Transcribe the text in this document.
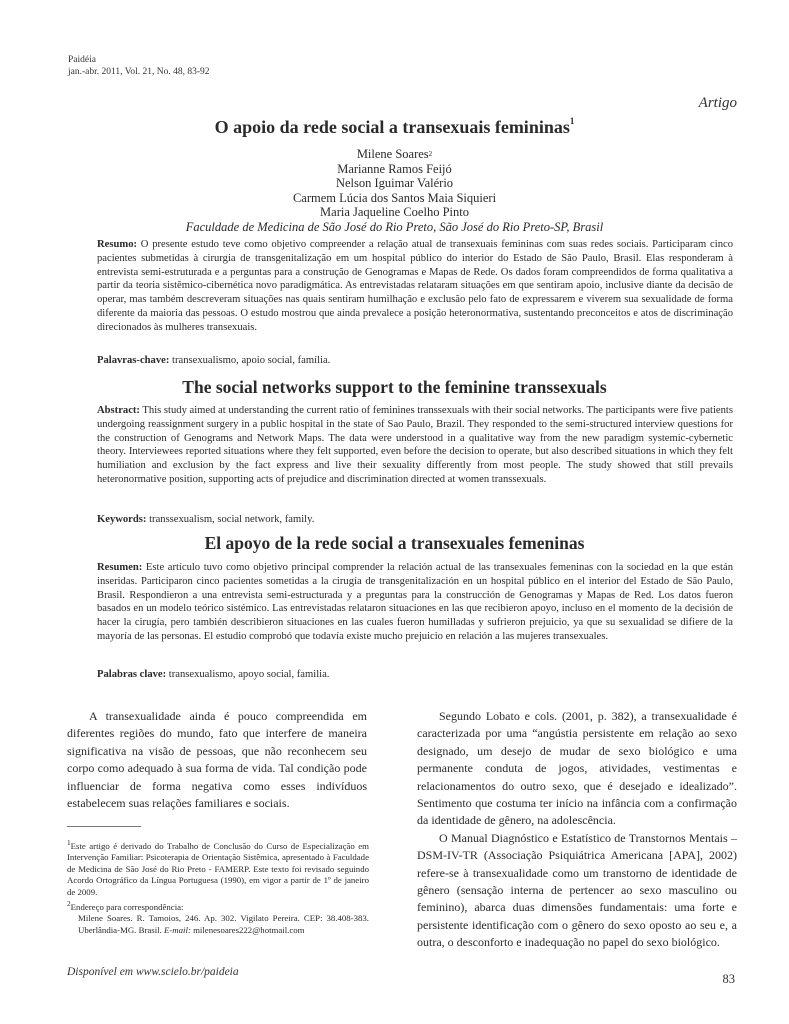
Paidéia
jan.-abr. 2011, Vol. 21, No. 48, 83-92
Artigo
O apoio da rede social a transexuais femininas$^1$
Milene Soares$^2$
Marianne Ramos Feijó
Nelson Iguimar Valério
Carmem Lúcia dos Santos Maia Siquieri
Maria Jaqueline Coelho Pinto
Faculdade de Medicina de São José do Rio Preto, São José do Rio Preto-SP, Brasil
Resumo: O presente estudo teve como objetivo compreender a relação atual de transexuais femininas com suas redes sociais. Participaram cinco pacientes submetidas à cirurgia de transgenitalização em um hospital público do interior do Estado de São Paulo, Brasil. Elas responderam à entrevista semi-estruturada e a perguntas para a construção de Genogramas e Mapas de Rede. Os dados foram compreendidos de forma qualitativa a partir da teoria sistêmico-cibernética novo paradigmática. As entrevistadas relataram situações em que sentiram apoio, inclusive diante da decisão de operar, mas também descreveram situações nas quais sentiram humilhação e exclusão pelo fato de expressarem e viverem sua sexualidade de forma diferente da maioria das pessoas. O estudo mostrou que ainda prevalece a posição heteronormativa, sustentando preconceitos e atos de discriminação direcionados às mulheres transexuais.
Palavras-chave: transexualismo, apoio social, família.
The social networks support to the feminine transsexuals
Abstract: This study aimed at understanding the current ratio of feminines transsexuals with their social networks. The participants were five patients undergoing reassignment surgery in a public hospital in the state of Sao Paulo, Brazil. They responded to the semi-structured interview questions for the construction of Genograms and Network Maps. The data were understood in a qualitative way from the new paradigm systemic-cybernetic theory. Interviewees reported situations where they felt supported, even before the decision to operate, but also described situations in which they felt humiliation and exclusion by the fact express and live their sexuality differently from most people. The study showed that still prevails heteronormative position, supporting acts of prejudice and discrimination directed at women transsexuals.
Keywords: transsexualism, social network, family.
El apoyo de la rede social a transexuales femeninas
Resumen: Este artículo tuvo como objetivo principal comprender la relación actual de las transexuales femeninas con la sociedad en la que están inseridas. Participaron cinco pacientes sometidas a la cirugía de transgenitalización en un hospital público en el interior del Estado de São Paulo, Brasil. Respondieron a una entrevista semi-estructurada y a preguntas para la construcción de Genogramas y Mapas de Red. Los datos fueron basados en un modelo teórico sistémico. Las entrevistadas relataron situaciones en las que recibieron apoyo, incluso en el momento de la decisión de hacer la cirugía, pero también describieron situaciones en las cuales fueron humilladas y sufrieron prejuicio, ya que su sexualidad se difiere de la mayoría de las personas. El estudio comprobó que todavía existe mucho prejuicio en relación a las mujeres transexuales.
Palabras clave: transexualismo, apoyo social, familia.

A transexualidade ainda é pouco compreendida em diferentes regiões do mundo, fato que interfere de maneira significativa na visão de pessoas, que não reconhecem seu corpo como adequado à sua forma de vida. Tal condição pode influenciar de forma negativa como esses indivíduos estabelecem suas relações familiares e sociais.

$^1$Este artigo é derivado do Trabalho de Conclusão do Curso de Especialização em Intervenção Familiar: Psicoterapia de Orientação Sistêmica, apresentado à Faculdade de Medicina de São José do Rio Preto - FAMERP. Este texto foi revisado seguindo Acordo Ortográfico da Língua Portuguesa (1990), em vigor a partir de 1º de janeiro de 2009.

$^2$Endereço para correspondência:

Milene Soares. R. Tamoios, 246. Ap. 302. Vigilato Pereira. CEP: 38.408-383. Uberlândia-MG. Brasil. E-mail: milenesoares222@hotmail.com

Segundo Lobato e cols. (2001, p. 382), a transexualidade é caracterizada por uma “angústia persistente em relação ao sexo designado, um desejo de mudar de sexo biológico e uma permanente conduta de jogos, atividades, vestimentas e relacionamentos do outro sexo, que é desejado e idealizado”. Sentimento que costuma ter início na infância com a confirmação da identidade de gênero, na adolescência.

O Manual Diagnóstico e Estatístico de Transtornos Mentais – DSM-IV-TR (Associação Psiquiátrica Americana [APA], 2002) refere-se à transexualidade como um transtorno de identidade de gênero (sensação interna de pertencer ao sexo masculino ou feminino), abarca duas dimensões fundamentais: uma forte e persistente identificação com o gênero do sexo oposto ao seu e, a outra, o desconforto e inadequação no papel do sexo biológico.

Disponível em www.scielo.br/paideia	83
